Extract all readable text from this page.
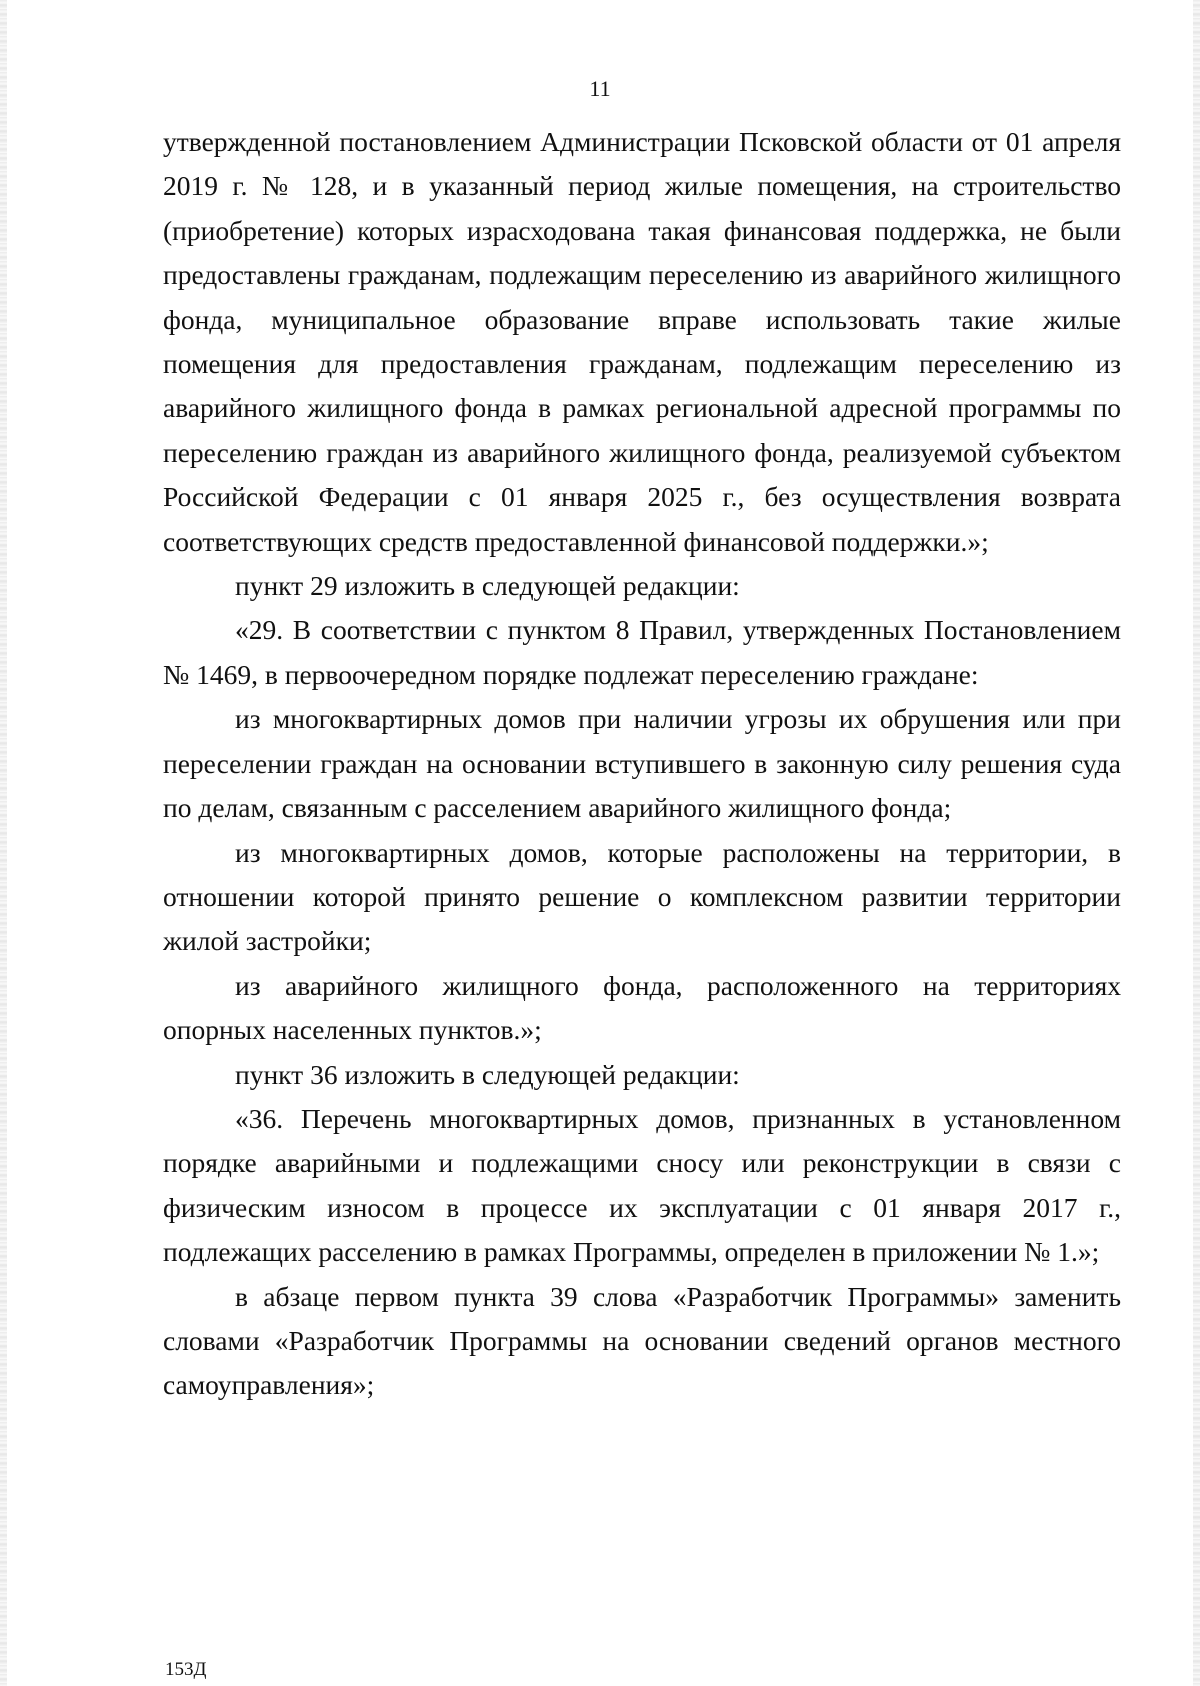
11

утвержденной постановлением Администрации Псковской области от 01 апреля 2019 г. № 128, и в указанный период жилые помещения, на строительство (приобретение) которых израсходована такая финансовая поддержка, не были предоставлены гражданам, подлежащим переселению из аварийного жилищного фонда, муниципальное образование вправе использовать такие жилые помещения для предоставления гражданам, подлежащим переселению из аварийного жилищного фонда в рамках региональной адресной программы по переселению граждан из аварийного жилищного фонда, реализуемой субъектом Российской Федерации с 01 января 2025 г., без осуществления возврата соответствующих средств предоставленной финансовой поддержки.»;

пункт 29 изложить в следующей редакции:

«29. В соответствии с пунктом 8 Правил, утвержденных Постановлением № 1469, в первоочередном порядке подлежат переселению граждане:

из многоквартирных домов при наличии угрозы их обрушения или при переселении граждан на основании вступившего в законную силу решения суда по делам, связанным с расселением аварийного жилищного фонда;

из многоквартирных домов, которые расположены на территории, в отношении которой принято решение о комплексном развитии территории жилой застройки;

из аварийного жилищного фонда, расположенного на территориях опорных населенных пунктов.»;

пункт 36 изложить в следующей редакции:

«36. Перечень многоквартирных домов, признанных в установленном порядке аварийными и подлежащими сносу или реконструкции в связи с физическим износом в процессе их эксплуатации с 01 января 2017 г., подлежащих расселению в рамках Программы, определен в приложении № 1.»;

в абзаце первом пункта 39 слова «Разработчик Программы» заменить словами «Разработчик Программы на основании сведений органов местного самоуправления»;

153Д
